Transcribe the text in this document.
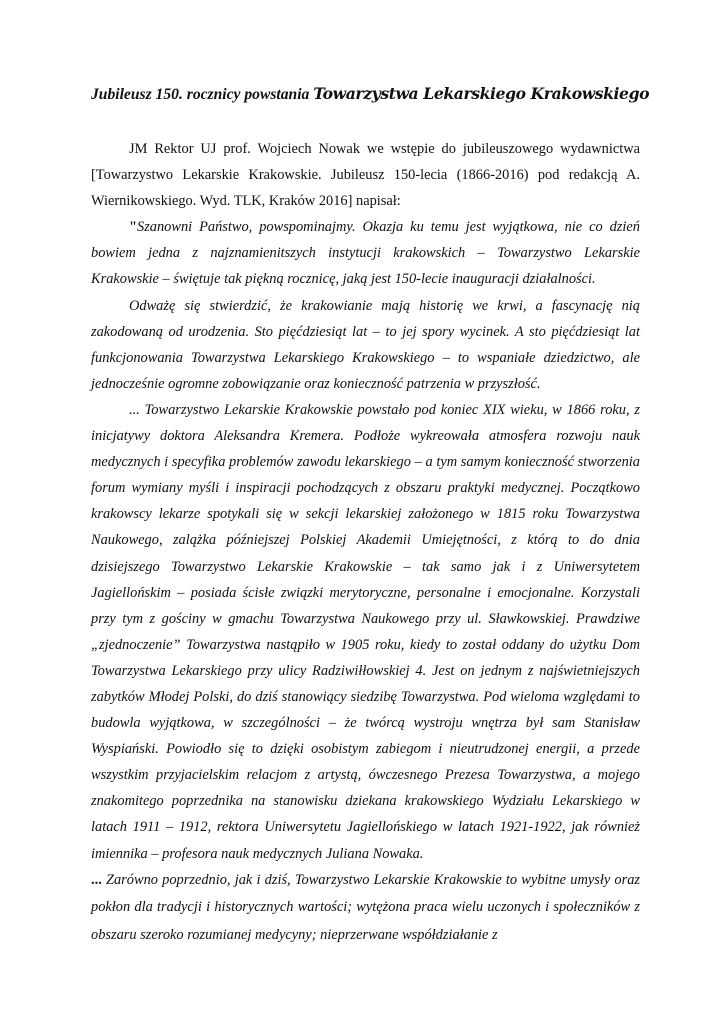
Jubileusz 150. rocznicy powstania Towarzystwa Lekarskiego Krakowskiego

JM Rektor UJ prof. Wojciech Nowak we wstępie do jubileuszowego wydawnictwa [Towarzystwo Lekarskie Krakowskie. Jubileusz 150-lecia (1866-2016) pod redakcją A. Wiernikowskiego. Wyd. TLK, Kraków 2016] napisał:

"Szanowni Państwo, powspominajmy. Okazja ku temu jest wyjątkowa, nie co dzień bowiem jedna z najznamienitszych instytucji krakowskich – Towarzystwo Lekarskie Krakowskie – świętuje tak piękną rocznicę, jaką jest 150-lecie inauguracji działalności.

Odważę się stwierdzić, że krakowianie mają historię we krwi, a fascynację nią zakodowaną od urodzenia. Sto pięćdziesiąt lat – to jej spory wycinek. A sto pięćdziesiąt lat funkcjonowania Towarzystwa Lekarskiego Krakowskiego – to wspaniałe dziedzictwo, ale jednocześnie ogromne zobowiązanie oraz konieczność patrzenia w przyszłość.

... Towarzystwo Lekarskie Krakowskie powstało pod koniec XIX wieku, w 1866 roku, z inicjatywy doktora Aleksandra Kremera. Podłoże wykreowała atmosfera rozwoju nauk medycznych i specyfika problemów zawodu lekarskiego – a tym samym konieczność stworzenia forum wymiany myśli i inspiracji pochodzących z obszaru praktyki medycznej. Początkowo krakowscy lekarze spotykali się w sekcji lekarskiej założonego w 1815 roku Towarzystwa Naukowego, zalążka późniejszej Polskiej Akademii Umiejętności, z którą to do dnia dzisiejszego Towarzystwo Lekarskie Krakowskie – tak samo jak i z Uniwersytetem Jagiellońskim – posiada ścisłe związki merytoryczne, personalne i emocjonalne. Korzystali przy tym z gościny w gmachu Towarzystwa Naukowego przy ul. Sławkowskiej. Prawdziwe „zjednoczenie” Towarzystwa nastąpiło w 1905 roku, kiedy to został oddany do użytku Dom Towarzystwa Lekarskiego przy ulicy Radziwiłłowskiej 4. Jest on jednym z najświetniejszych zabytków Młodej Polski, do dziś stanowiący siedzibę Towarzystwa. Pod wieloma względami to budowla wyjątkowa, w szczególności – że twórcą wystroju wnętrza był sam Stanisław Wyspiański. Powiodło się to dzięki osobistym zabiegom i nieutrudzonej energii, a przede wszystkim przyjacielskim relacjom z artystą, ówczesnego Prezesa Towarzystwa, a mojego znakomitego poprzednika na stanowisku dziekana krakowskiego Wydziału Lekarskiego w latach 1911 – 1912, rektora Uniwersytetu Jagiellońskiego w latach 1921-1922, jak również imiennika – profesora nauk medycznych Juliana Nowaka.

... Zarówno poprzednio, jak i dziś, Towarzystwo Lekarskie Krakowskie to wybitne umysły oraz pokłon dla tradycji i historycznych wartości; wytężona praca wielu uczonych i społeczników z obszaru szeroko rozumianej medycyny; nieprzerwane współdziałanie z
